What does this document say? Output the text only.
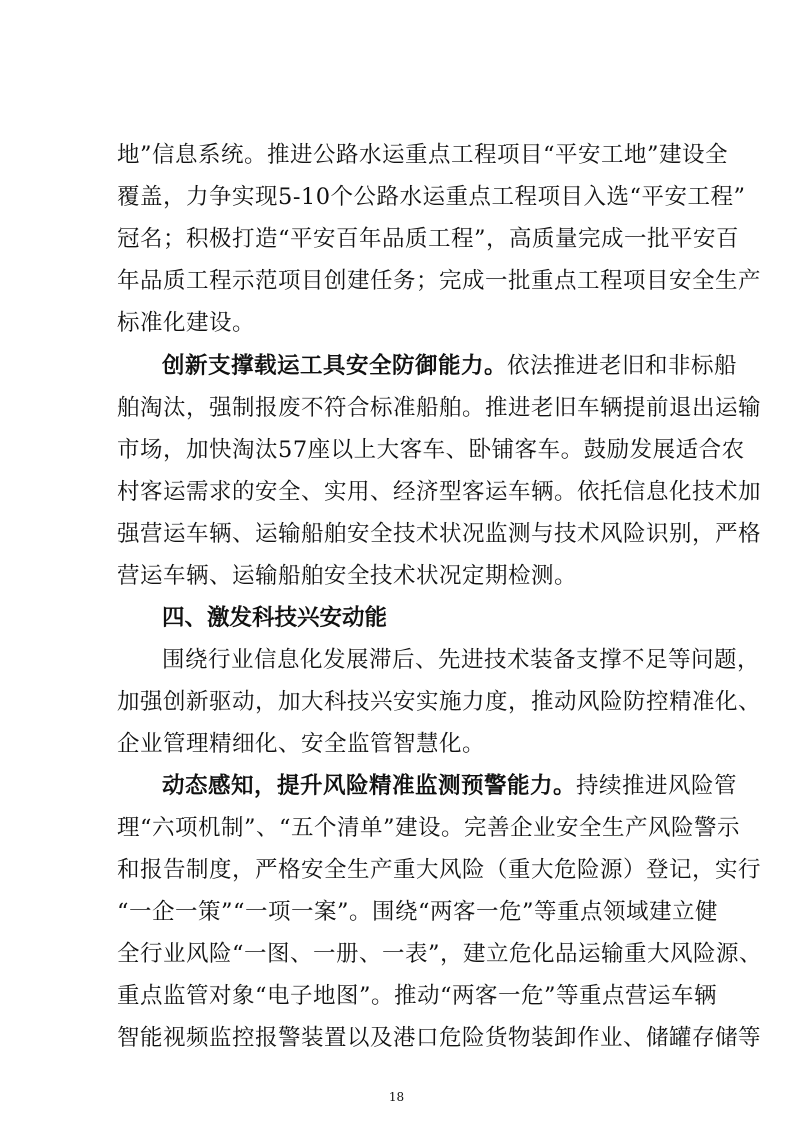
地”信息系统。推进公路水运重点工程项目“平安工地”建设全
覆盖，力争实现5-10个公路水运重点工程项目入选“平安工程”
冠名；积极打造“平安百年品质工程”，高质量完成一批平安百
年品质工程示范项目创建任务；完成一批重点工程项目安全生产
标准化建设。
创新支撑载运工具安全防御能力。依法推进老旧和非标船
舶淘汰，强制报废不符合标准船舶。推进老旧车辆提前退出运输
市场，加快淘汰57座以上大客车、卧铺客车。鼓励发展适合农
村客运需求的安全、实用、经济型客运车辆。依托信息化技术加
强营运车辆、运输船舶安全技术状况监测与技术风险识别，严格
营运车辆、运输船舶安全技术状况定期检测。
四、激发科技兴安动能
围绕行业信息化发展滞后、先进技术装备支撑不足等问题，
加强创新驱动，加大科技兴安实施力度，推动风险防控精准化、
企业管理精细化、安全监管智慧化。
动态感知，提升风险精准监测预警能力。持续推进风险管
理“六项机制”、“五个清单”建设。完善企业安全生产风险警示
和报告制度，严格安全生产重大风险（重大危险源）登记，实行
“一企一策”“一项一案”。围绕“两客一危”等重点领域建立健
全行业风险“一图、一册、一表”，建立危化品运输重大风险源、
重点监管对象“电子地图”。推动“两客一危”等重点营运车辆
智能视频监控报警装置以及港口危险货物装卸作业、储罐存储等
18
